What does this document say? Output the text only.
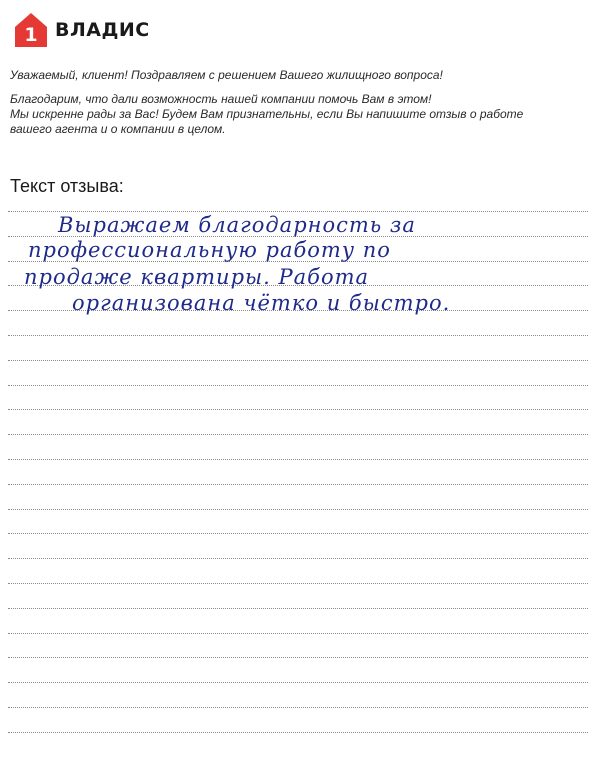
1 ВЛАДИС

Уважаемый, клиент! Поздравляем с решением Вашего жилищного вопроса!

Благодарим, что дали возможность нашей компании помочь Вам в этом!

Мы искренне рады за Вас! Будем Вам признательны, если Вы напишите отзыв о работе

вашего агента и о компании в целом.

Текст отзыва:
Выражаем благодарность за
профессиональную работу по
продаже квартиры. Работа
организована чётко и быстро.
